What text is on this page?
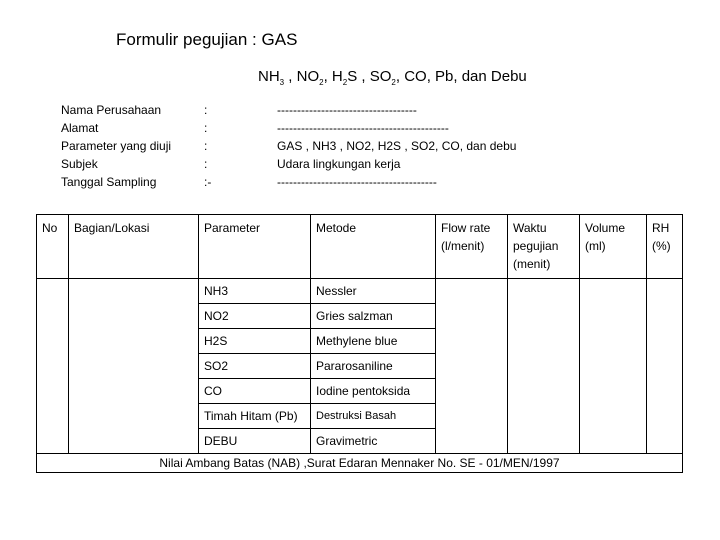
Formulir pegujian : GAS
$NH_3$ , $NO_2$, $H_2S$ , $SO_2$, CO, Pb, dan Debu
Nama Perusahaan	:	-----------------------------------
Alamat	:	-------------------------------------------
Parameter yang diuji	:	GAS , NH3 , NO2, H2S , SO2, CO, dan debu
Subjek	:	Udara lingkungan kerja
Tanggal Sampling	:-	----------------------------------------
No	Bagian/Lokasi	Parameter	Metode	Flow rate (l/menit)	Waktu pegujian (menit)	Volume (ml)	RH (%)
		NH3	Nessler				
		NO2	Gries salzman				
		H2S	Methylene blue				
		SO2	Pararosaniline				
		CO	Iodine pentoksida				
		Timah Hitam (Pb)	Destruksi Basah				
		DEBU	Gravimetric				
Nilai Ambang Batas (NAB) ,Surat Edaran Mennaker No. SE - 01/MEN/1997							
